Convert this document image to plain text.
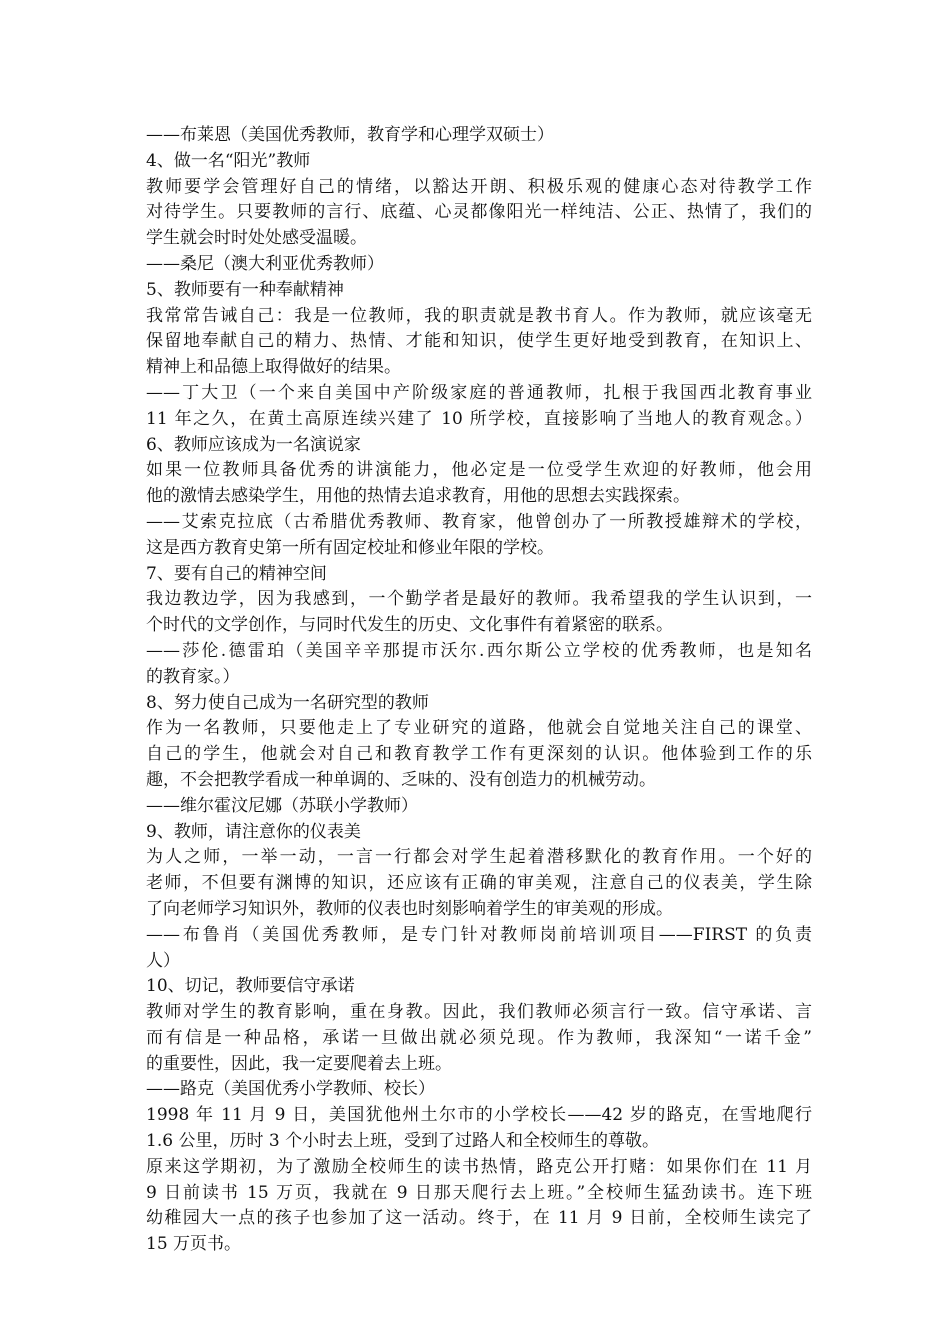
——布莱恩（美国优秀教师，教育学和心理学双硕士）
4、做一名“阳光”教师
教师要学会管理好自己的情绪，以豁达开朗、积极乐观的健康心态对待教学工作
对待学生。只要教师的言行、底蕴、心灵都像阳光一样纯洁、公正、热情了，我们的
学生就会时时处处感受温暖。
——桑尼（澳大利亚优秀教师）
5、教师要有一种奉献精神
我常常告诫自己：我是一位教师，我的职责就是教书育人。作为教师，就应该毫无
保留地奉献自己的精力、热情、才能和知识，使学生更好地受到教育，在知识上、
精神上和品德上取得做好的结果。
——丁大卫（一个来自美国中产阶级家庭的普通教师，扎根于我国西北教育事业
11 年之久，在黄土高原连续兴建了 10 所学校，直接影响了当地人的教育观念。）
6、教师应该成为一名演说家
如果一位教师具备优秀的讲演能力，他必定是一位受学生欢迎的好教师，他会用
他的激情去感染学生，用他的热情去追求教育，用他的思想去实践探索。
——艾索克拉底（古希腊优秀教师、教育家，他曾创办了一所教授雄辩术的学校，
这是西方教育史第一所有固定校址和修业年限的学校。
7、要有自己的精神空间
我边教边学，因为我感到，一个勤学者是最好的教师。我希望我的学生认识到，一
个时代的文学创作，与同时代发生的历史、文化事件有着紧密的联系。
——莎伦.德雷珀（美国辛辛那提市沃尔.西尔斯公立学校的优秀教师，也是知名
的教育家。）
8、努力使自己成为一名研究型的教师
作为一名教师，只要他走上了专业研究的道路，他就会自觉地关注自己的课堂、
自己的学生，他就会对自己和教育教学工作有更深刻的认识。他体验到工作的乐
趣，不会把教学看成一种单调的、乏味的、没有创造力的机械劳动。
——维尔霍汶尼娜（苏联小学教师）
9、教师，请注意你的仪表美
为人之师，一举一动，一言一行都会对学生起着潜移默化的教育作用。一个好的
老师，不但要有渊博的知识，还应该有正确的审美观，注意自己的仪表美，学生除
了向老师学习知识外，教师的仪表也时刻影响着学生的审美观的形成。
——布鲁肖（美国优秀教师，是专门针对教师岗前培训项目——FIRST 的负责
人）
10、切记，教师要信守承诺
教师对学生的教育影响，重在身教。因此，我们教师必须言行一致。信守承诺、言
而有信是一种品格，承诺一旦做出就必须兑现。作为教师，我深知“一诺千金”
的重要性，因此，我一定要爬着去上班。
——路克（美国优秀小学教师、校长）
1998 年 11 月 9 日，美国犹他州土尔市的小学校长——42 岁的路克，在雪地爬行
1.6 公里，历时 3 个小时去上班，受到了过路人和全校师生的尊敬。
原来这学期初，为了激励全校师生的读书热情，路克公开打赌：如果你们在 11 月
9 日前读书 15 万页，我就在 9 日那天爬行去上班。”全校师生猛劲读书。连下班
幼稚园大一点的孩子也参加了这一活动。终于，在 11 月 9 日前，全校师生读完了
15 万页书。
